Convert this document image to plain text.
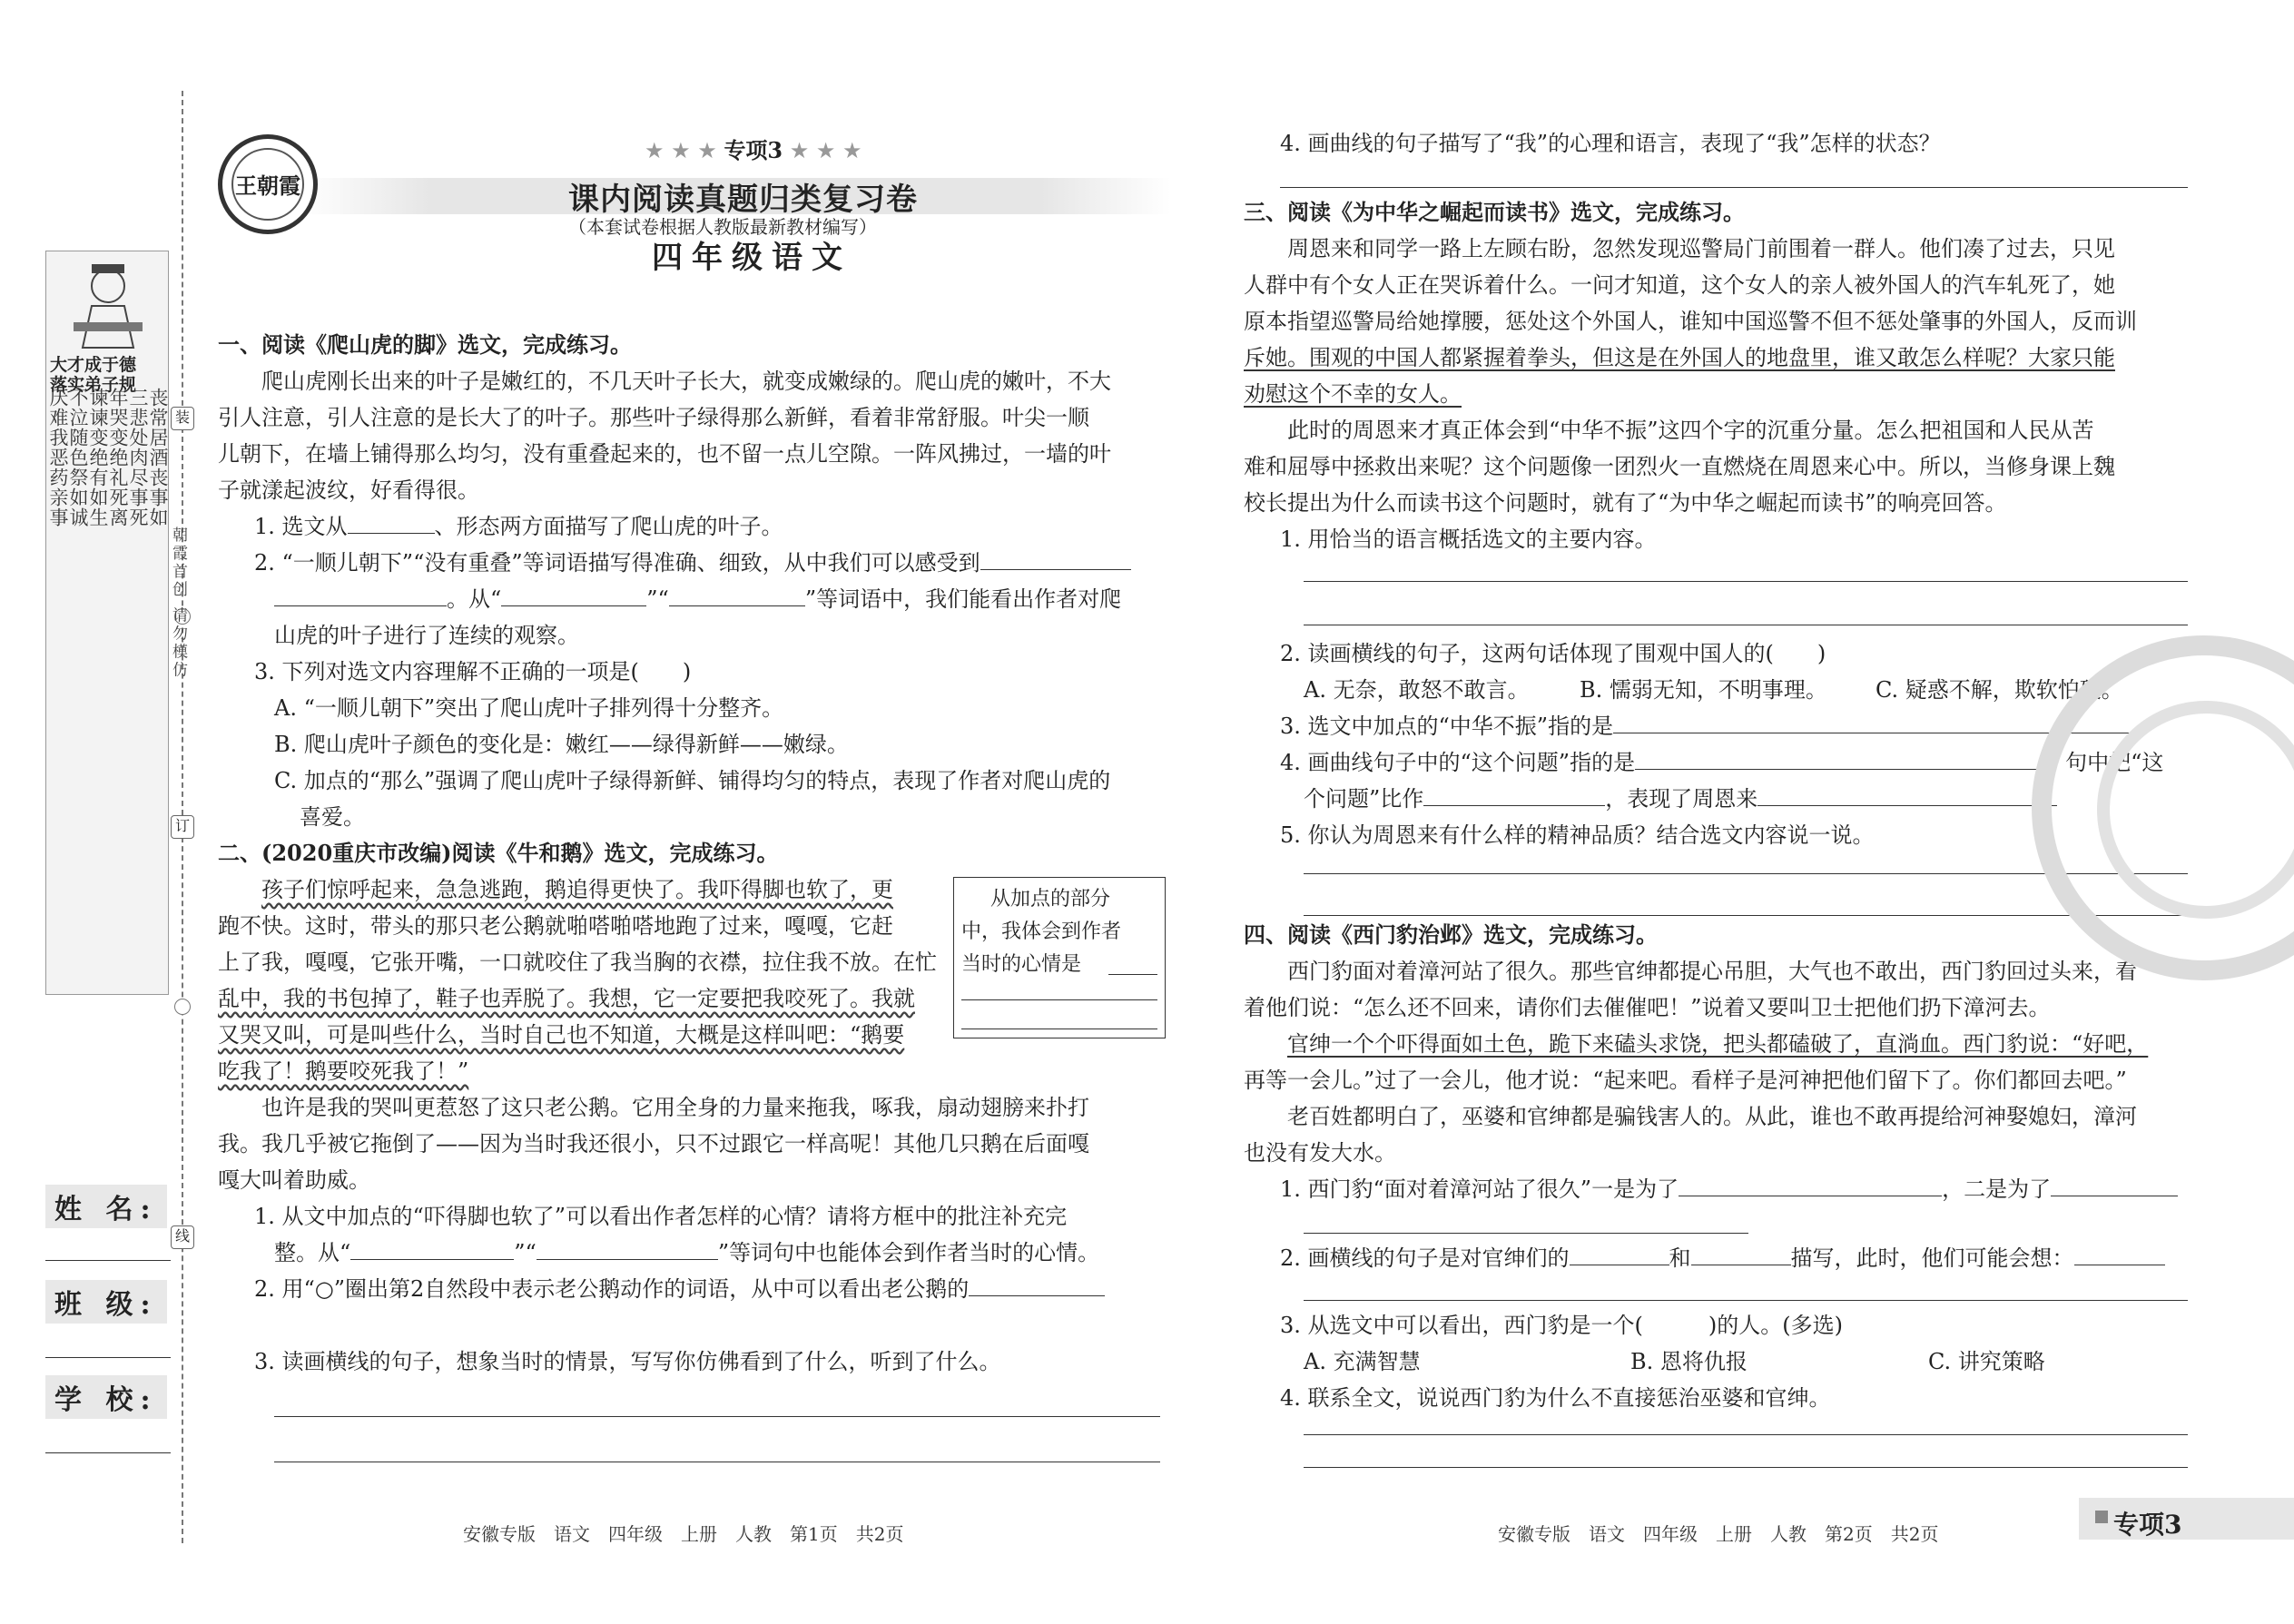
装
订
线
朝霞首创 请勿模仿
大才成于德
落实弟子规
丧常居酒丧事如
三悲处肉尽事死
年哭变绝礼死离
谏谏变绝有如生
不泣随色祭如诚
厌难我恶药亲事
姓 名:
班 级:
学 校:
王朝霞
★ ★ ★ 专项3 ★ ★ ★
课内阅读真题归类复习卷
（本套试卷根据人教版最新教材编写）
四年级语文
一、阅读《爬山虎的脚》选文，完成练习。
爬山虎刚长出来的叶子是嫩红的，不几天叶子长大，就变成嫩绿的。爬山虎的嫩叶，不大
引人注意，引人注意的是长大了的叶子。那些叶子绿得那么新鲜，看着非常舒服。叶尖一顺
儿朝下，在墙上铺得那么均匀，没有重叠起来的，也不留一点儿空隙。一阵风拂过，一墙的叶
子就漾起波纹，好看得很。
1. 选文从	、形态两方面描写了爬山虎的叶子。
2. “一顺儿朝下”“没有重叠”等词语描写得准确、细致，从中我们可以感受到
。从“	”“	”等词语中，我们能看出作者对爬
山虎的叶子进行了连续的观察。
3. 下列对选文内容理解不正确的一项是(　　)
A. “一顺儿朝下”突出了爬山虎叶子排列得十分整齐。
B. 爬山虎叶子颜色的变化是：嫩红——绿得新鲜——嫩绿。
C. 加点的“那么”强调了爬山虎叶子绿得新鲜、铺得均匀的特点，表现了作者对爬山虎的
喜爱。
二、(2020重庆市改编)阅读《牛和鹅》选文，完成练习。
孩子们惊呼起来，急急逃跑，鹅追得更快了。我吓得脚也软了，更
跑不快。这时，带头的那只老公鹅就啪嗒啪嗒地跑了过来，嘎嘎，它赶
上了我，嘎嘎，它张开嘴，一口就咬住了我当胸的衣襟，拉住我不放。在忙
乱中，我的书包掉了，鞋子也弄脱了。我想，它一定要把我咬死了。我就
又哭又叫，可是叫些什么，当时自己也不知道，大概是这样叫吧：“鹅要
吃我了！鹅要咬死我了！”
从加点的部分
中，我体会到作者
当时的心情是
也许是我的哭叫更惹怒了这只老公鹅。它用全身的力量来拖我，啄我，扇动翅膀来扑打
我。我几乎被它拖倒了——因为当时我还很小，只不过跟它一样高呢！其他几只鹅在后面嘎
嘎大叫着助威。
1. 从文中加点的“吓得脚也软了”可以看出作者怎样的心情？请将方框中的批注补充完
整。从“	”“	”等词句中也能体会到作者当时的心情。
2. 用“○”圈出第2自然段中表示老公鹅动作的词语，从中可以看出老公鹅的
3. 读画横线的句子，想象当时的情景，写写你仿佛看到了什么，听到了什么。
4. 画曲线的句子描写了“我”的心理和语言，表现了“我”怎样的状态？
三、阅读《为中华之崛起而读书》选文，完成练习。
周恩来和同学一路上左顾右盼，忽然发现巡警局门前围着一群人。他们凑了过去，只见
人群中有个女人正在哭诉着什么。一问才知道，这个女人的亲人被外国人的汽车轧死了，她
原本指望巡警局给她撑腰，惩处这个外国人，谁知中国巡警不但不惩处肇事的外国人，反而训
斥她。围观的中国人都紧握着拳头，但这是在外国人的地盘里，谁又敢怎么样呢？大家只能
劝慰这个不幸的女人。
此时的周恩来才真正体会到“中华不振”这四个字的沉重分量。怎么把祖国和人民从苦
难和屈辱中拯救出来呢？这个问题像一团烈火一直燃烧在周恩来心中。所以，当修身课上魏
校长提出为什么而读书这个问题时，就有了“为中华之崛起而读书”的响亮回答。
1. 用恰当的语言概括选文的主要内容。
2. 读画横线的句子，这两句话体现了围观中国人的(　　)
A. 无奈，敢怒不敢言。 B. 懦弱无知，不明事理。 C. 疑惑不解，欺软怕硬。
3. 选文中加点的“中华不振”指的是
4. 画曲线句子中的“这个问题”指的是	，句中把“这
个问题”比作	，表现了周恩来
5. 你认为周恩来有什么样的精神品质？结合选文内容说一说。
四、阅读《西门豹治邺》选文，完成练习。
西门豹面对着漳河站了很久。那些官绅都提心吊胆，大气也不敢出，西门豹回过头来，看
着他们说：“怎么还不回来，请你们去催催吧！”说着又要叫卫士把他们扔下漳河去。
官绅一个个吓得面如土色，跪下来磕头求饶，把头都磕破了，直淌血。西门豹说：“好吧，
再等一会儿。”过了一会儿，他才说：“起来吧。看样子是河神把他们留下了。你们都回去吧。”
老百姓都明白了，巫婆和官绅都是骗钱害人的。从此，谁也不敢再提给河神娶媳妇，漳河
也没有发大水。
1. 西门豹“面对着漳河站了很久”一是为了	，二是为了
2. 画横线的句子是对官绅们的	和	描写，此时，他们可能会想：
3. 从选文中可以看出，西门豹是一个(　　　)的人。(多选)
A. 充满智慧	B. 恩将仇报	C. 讲究策略
4. 联系全文，说说西门豹为什么不直接惩治巫婆和官绅。
安徽专版　语文　四年级　上册　人教　第1页　共2页	安徽专版　语文　四年级　上册　人教　第2页　共2页	专项3
